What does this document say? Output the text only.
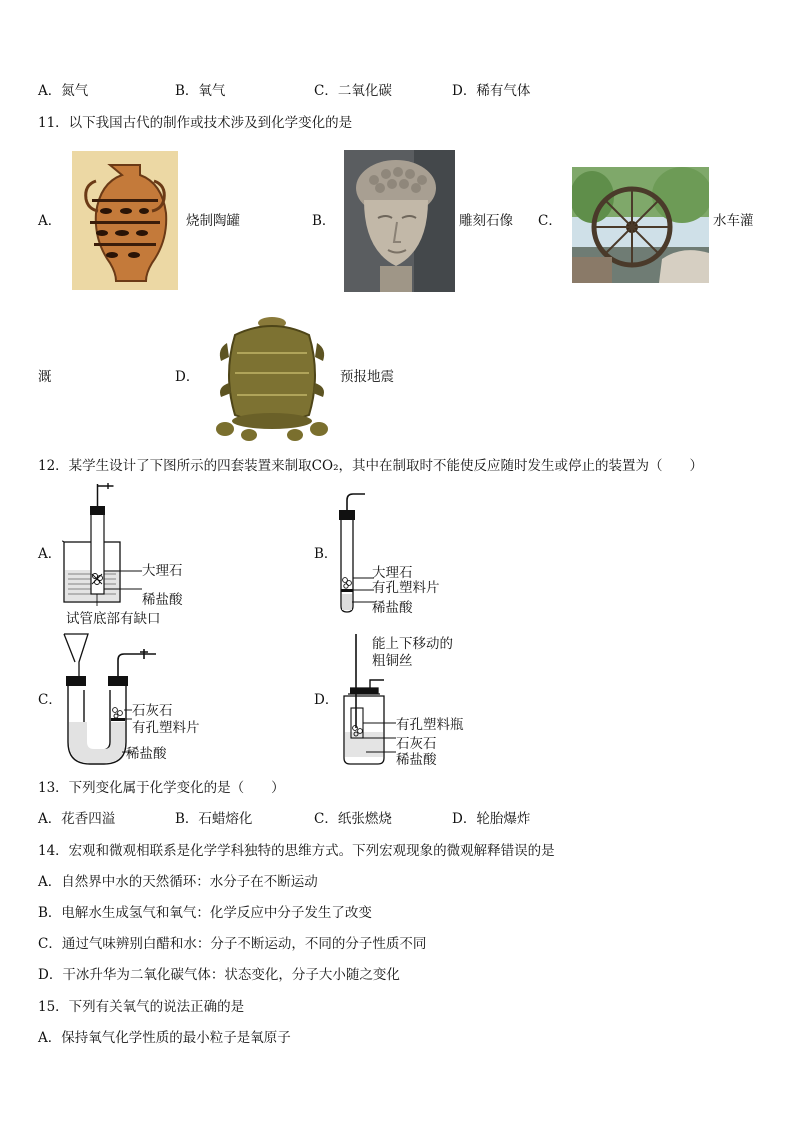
A．氮气	B．氧气	C．二氧化碳	D．稀有气体
11．以下我国古代的制作或技术涉及到化学变化的是
A．	烧制陶罐	B．	雕刻石像 C．	水车灌
溉	D．	预报地震
12．某学生设计了下图所示的四套装置来制取CO₂，其中在制取时不能使反应随时发生或停止的装置为（　　）
A．
大理石
稀盐酸
试管底部有缺口
B．
大理石
有孔塑料片
稀盐酸
C．
石灰石
有孔塑料片
稀盐酸
D．
能上下移动的
粗铜丝
有孔塑料瓶
石灰石
稀盐酸
13．下列变化属于化学变化的是（　　）
A．花香四溢	B．石蜡熔化	C．纸张燃烧	D．轮胎爆炸
14．宏观和微观相联系是化学学科独特的思维方式。下列宏观现象的微观解释错误的是
A．自然界中水的天然循环：水分子在不断运动
B．电解水生成氢气和氧气：化学反应中分子发生了改变
C．通过气味辨别白醋和水：分子不断运动，不同的分子性质不同
D．干冰升华为二氧化碳气体：状态变化，分子大小随之变化
15．下列有关氧气的说法正确的是
A．保持氧气化学性质的最小粒子是氧原子
